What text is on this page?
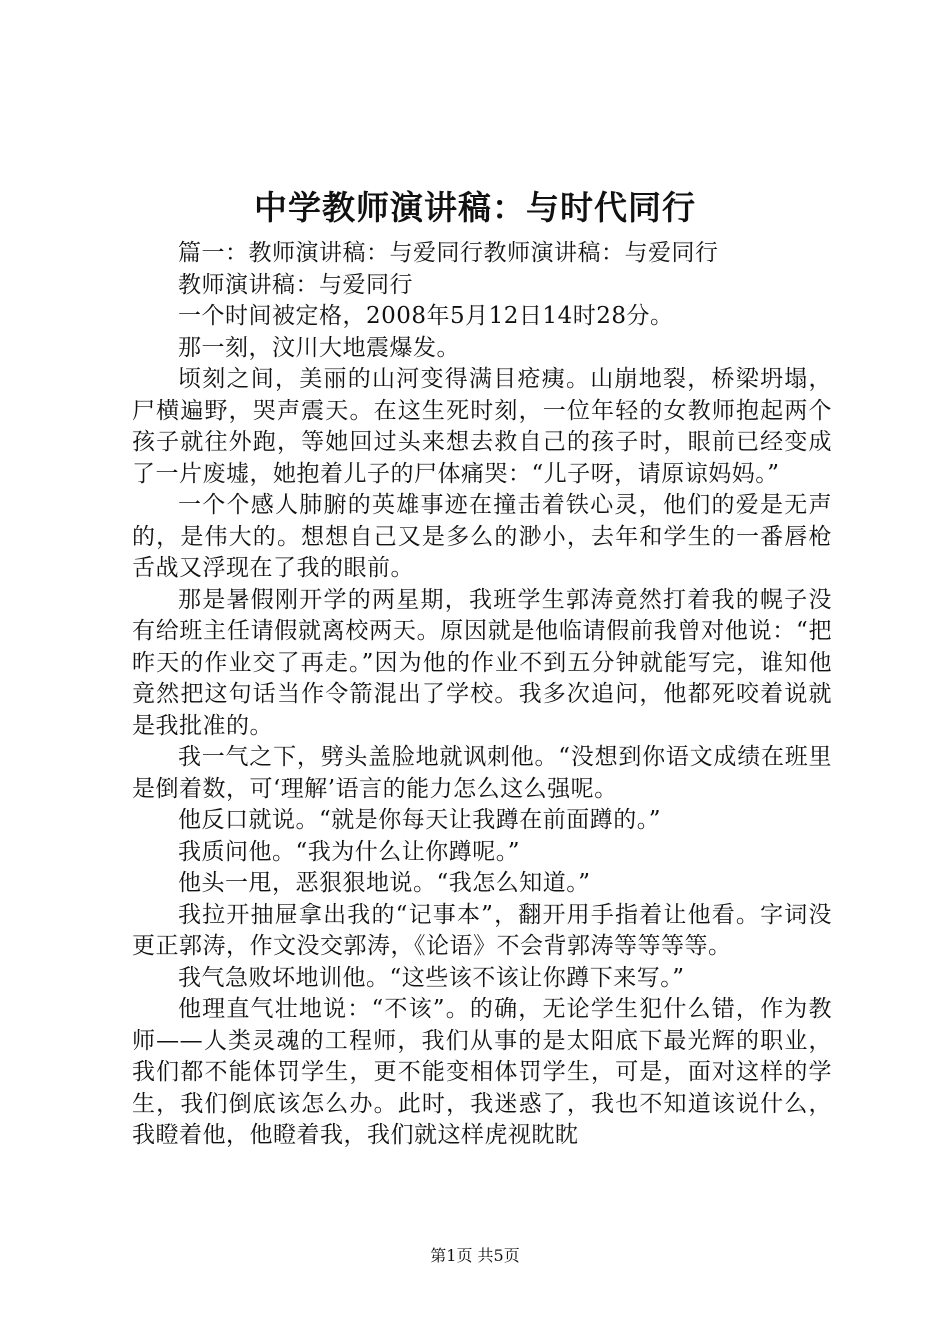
中学教师演讲稿：与时代同行

篇一：教师演讲稿：与爱同行教师演讲稿：与爱同行

教师演讲稿：与爱同行

一个时间被定格，2008年5月12日14时28分。

那一刻，汶川大地震爆发。

顷刻之间，美丽的山河变得满目疮痍。山崩地裂，桥梁坍塌，尸横遍野，哭声震天。在这生死时刻，一位年轻的女教师抱起两个孩子就往外跑，等她回过头来想去救自己的孩子时，眼前已经变成了一片废墟，她抱着儿子的尸体痛哭：“儿子呀，请原谅妈妈。”

一个个感人肺腑的英雄事迹在撞击着铁心灵，他们的爱是无声的，是伟大的。想想自己又是多么的渺小，去年和学生的一番唇枪舌战又浮现在了我的眼前。

那是暑假刚开学的两星期，我班学生郭涛竟然打着我的幌子没有给班主任请假就离校两天。原因就是他临请假前我曾对他说：“把昨天的作业交了再走。”因为他的作业不到五分钟就能写完，谁知他竟然把这句话当作令箭混出了学校。我多次追问，他都死咬着说就是我批准的。

我一气之下，劈头盖脸地就讽刺他。“没想到你语文成绩在班里是倒着数，可‘理解’语言的能力怎么这么强呢。

他反口就说。“就是你每天让我蹲在前面蹲的。”

我质问他。“我为什么让你蹲呢。”

他头一甩，恶狠狠地说。“我怎么知道。”

我拉开抽屉拿出我的“记事本”，翻开用手指着让他看。字词没更正郭涛，作文没交郭涛，《论语》不会背郭涛等等等等。

我气急败坏地训他。“这些该不该让你蹲下来写。”

他理直气壮地说：“不该”。的确，无论学生犯什么错，作为教师——人类灵魂的工程师，我们从事的是太阳底下最光辉的职业，我们都不能体罚学生，更不能变相体罚学生，可是，面对这样的学生，我们倒底该怎么办。此时，我迷惑了，我也不知道该说什么，我瞪着他，他瞪着我，我们就这样虎视眈眈

第1页 共5页
